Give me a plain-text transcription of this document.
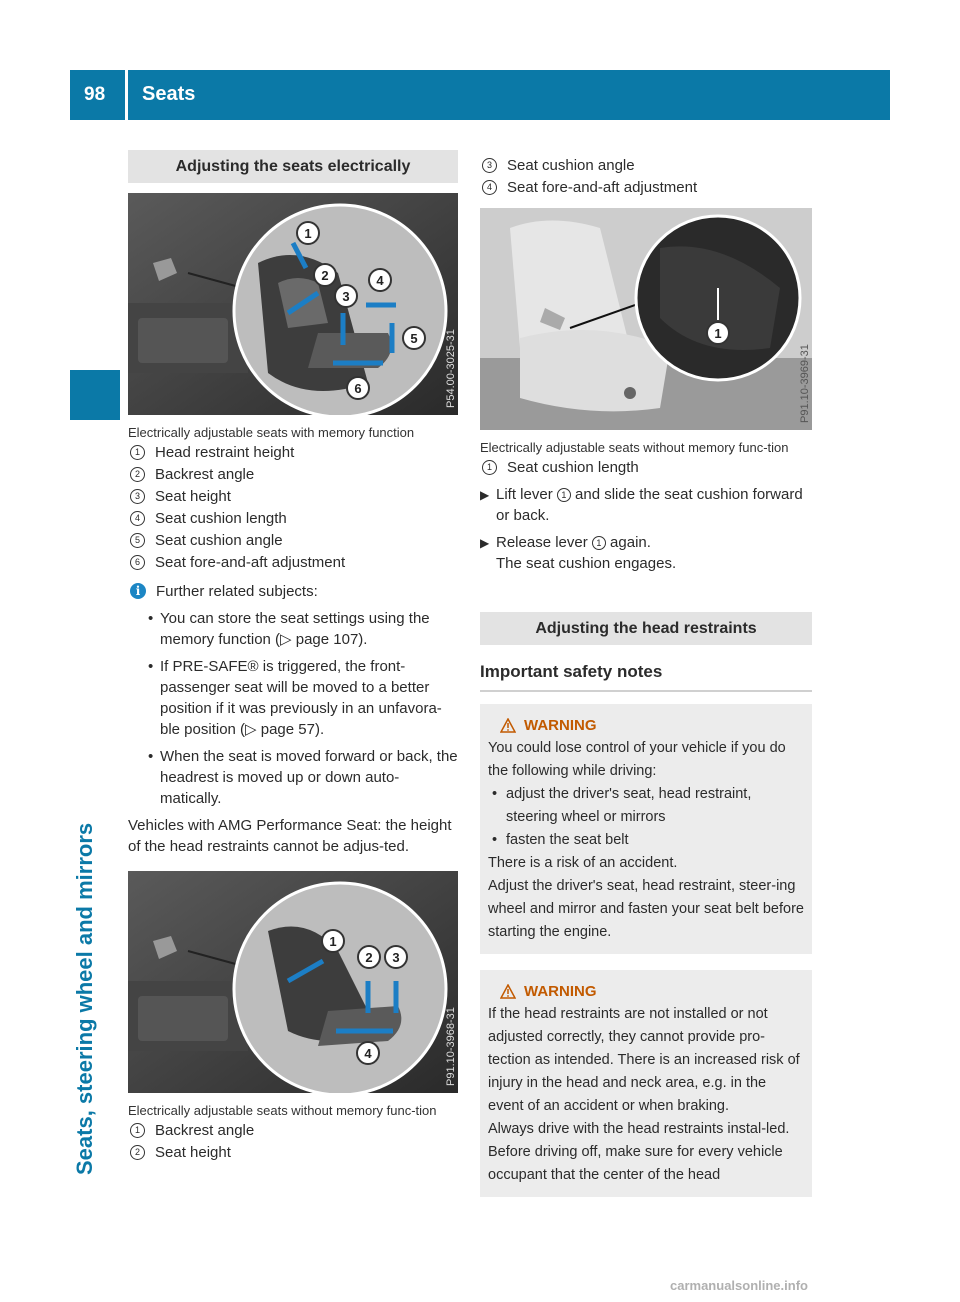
98 Seats
Seats, steering wheel and mirrors
Adjusting the seats electrically
1
2
3
4
5
6	P54.00-3025-31
Electrically adjustable seats with memory function
1	Head restraint height
2	Backrest angle
3	Seat height
4	Seat cushion length
5	Seat cushion angle
6	Seat fore-and-aft adjustment
i	Further related subjects:
• You can store the seat settings using the memory function (▷ page 107).
• If PRE-SAFE® is triggered, the front-passenger seat will be moved to a better position if it was previously in an unfavora-ble position (▷ page 57).
• When the seat is moved forward or back, the headrest is moved up or down auto-matically.
Vehicles with AMG Performance Seat: the height of the head restraints cannot be adjus-ted.
1
2 3
4	P91.10-3968-31
Electrically adjustable seats without memory func-tion
1	Backrest angle
2	Seat height
3	Seat cushion angle
4	Seat fore-and-aft adjustment
1
P91.10-3969-31
Electrically adjustable seats without memory func-tion
1	Seat cushion length
▶ Lift lever 1 and slide the seat cushion forward or back.
▶ Release lever 1 again.
The seat cushion engages.
Adjusting the head restraints
Important safety notes
WARNING
You could lose control of your vehicle if you do the following while driving:
• adjust the driver's seat, head restraint, steering wheel or mirrors
• fasten the seat belt
There is a risk of an accident.
Adjust the driver's seat, head restraint, steer-ing wheel and mirror and fasten your seat belt before starting the engine.
WARNING
If the head restraints are not installed or not adjusted correctly, they cannot provide pro-tection as intended. There is an increased risk of injury in the head and neck area, e.g. in the event of an accident or when braking.
Always drive with the head restraints instal-led. Before driving off, make sure for every vehicle occupant that the center of the head
carmanualsonline.info
